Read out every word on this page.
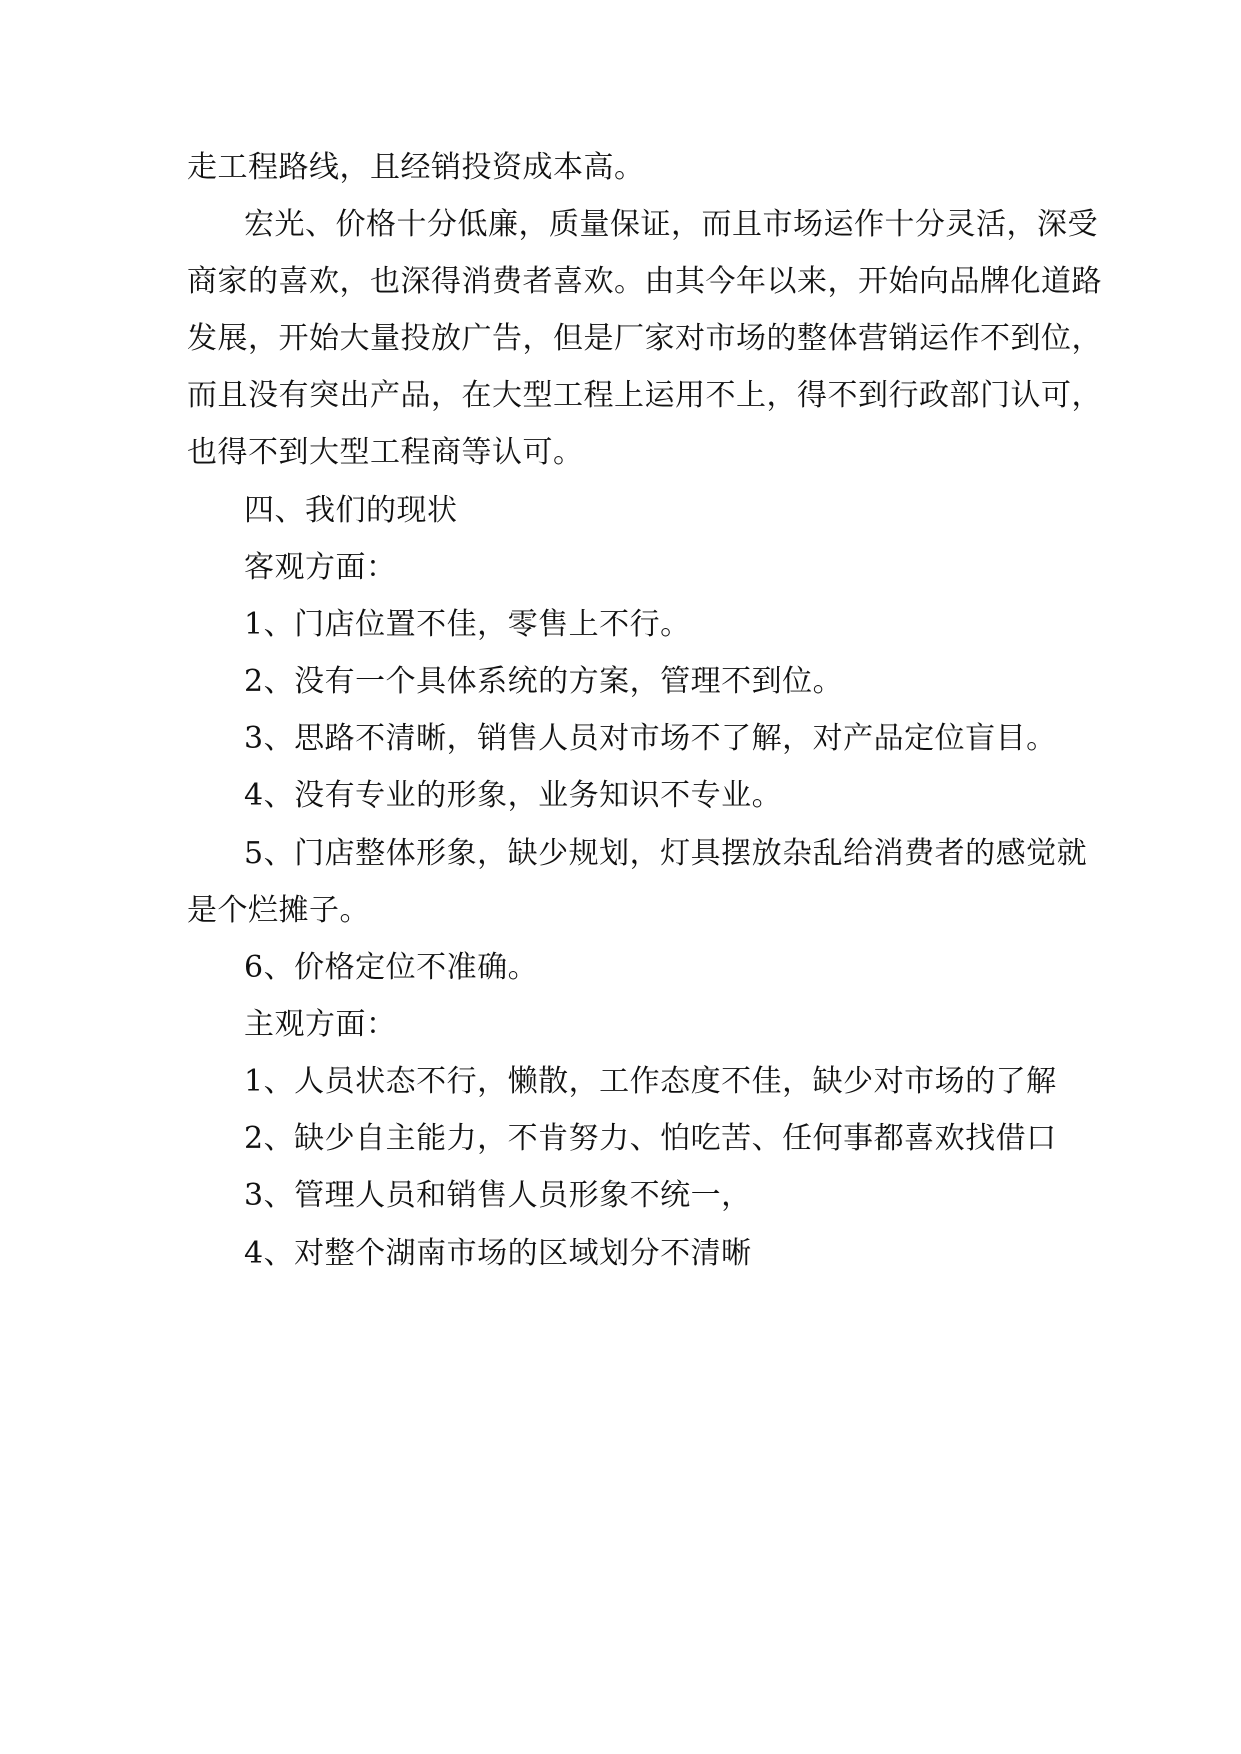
走工程路线，且经销投资成本高。

宏光、价格十分低廉，质量保证，而且市场运作十分灵活，深受

商家的喜欢，也深得消费者喜欢。由其今年以来，开始向品牌化道路

发展，开始大量投放广告，但是厂家对市场的整体营销运作不到位，

而且没有突出产品，在大型工程上运用不上，得不到行政部门认可，

也得不到大型工程商等认可。

四、我们的现状

客观方面：

1、门店位置不佳，零售上不行。

2、没有一个具体系统的方案，管理不到位。

3、思路不清晰，销售人员对市场不了解，对产品定位盲目。

4、没有专业的形象，业务知识不专业。

5、门店整体形象，缺少规划，灯具摆放杂乱给消费者的感觉就

是个烂摊子。

6、价格定位不准确。

主观方面：

1、人员状态不行，懒散，工作态度不佳，缺少对市场的了解

2、缺少自主能力，不肯努力、怕吃苦、任何事都喜欢找借口

3、管理人员和销售人员形象不统一，

4、对整个湖南市场的区域划分不清晰
